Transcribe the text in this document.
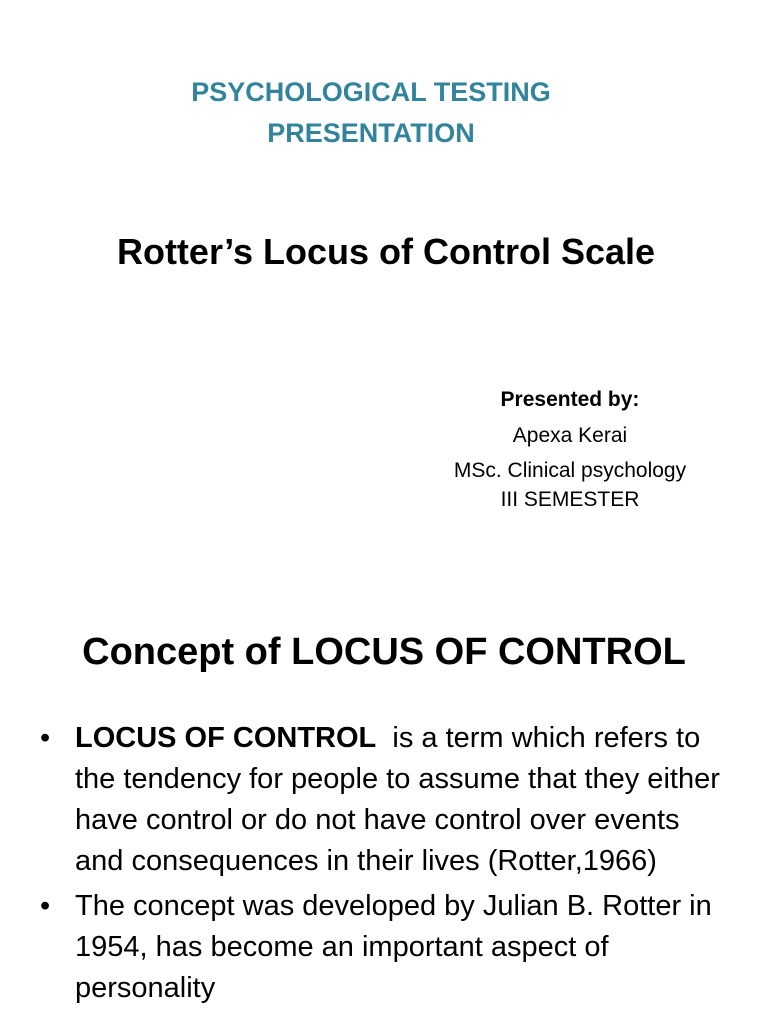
PSYCHOLOGICAL TESTING
PRESENTATION
Rotter’s Locus of Control Scale
Presented by:
Apexa Kerai
MSc. Clinical psychology
III SEMESTER
Concept of LOCUS OF CONTROL
• LOCUS OF CONTROL  is a term which refers to the tendency for people to assume that they either have control or do not have control over events and consequences in their lives (Rotter,1966)
• The concept was developed by Julian B. Rotter in 1954, has become an important aspect of personality
